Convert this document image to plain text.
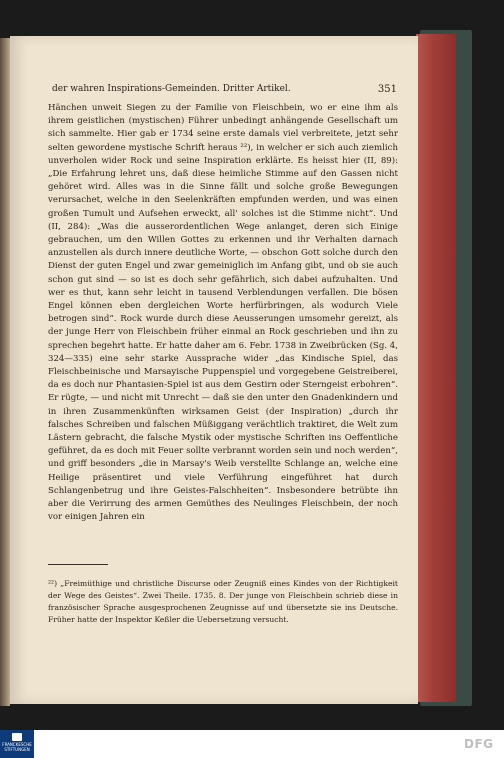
der wahren Inspirations-Gemeinden. Dritter Artikel.	351

Hänchen unweit Siegen zu der Familie von Fleischbein, wo er eine ihm als ihrem geistlichen (mystischen) Führer unbedingt anhängende Gesellschaft um sich sammelte. Hier gab er 1734 seine erste damals viel verbreitete, jetzt sehr selten gewordene mystische Schrift heraus ²²), in welcher er sich auch ziemlich unverholen wider Rock und seine Inspiration erklärte. Es heisst hier (II, 89): „Die Erfahrung lehret uns, daß diese heimliche Stimme auf den Gassen nicht gehöret wird. Alles was in die Sinne fällt und solche große Bewegungen verursachet, welche in den Seelenkräften empfunden werden, und was einen großen Tumult und Aufsehen erweckt, all' solches ist die Stimme nicht“. Und (II, 284): „Was die ausserordentlichen Wege anlanget, deren sich Einige gebrauchen, um den Willen Gottes zu erkennen und ihr Verhalten darnach anzustellen als durch innere deutliche Worte, — obschon Gott solche durch den Dienst der guten Engel und zwar gemeiniglich im Anfang gibt, und ob sie auch schon gut sind — so ist es doch sehr gefährlich, sich dabei aufzuhalten. Und wer es thut, kann sehr leicht in tausend Verblendungen verfallen. Die bösen Engel können eben dergleichen Worte herfürbringen, als wodurch Viele betrogen sind“. Rock wurde durch diese Aeusserungen umsomehr gereizt, als der junge Herr von Fleischbein früher einmal an Rock geschrieben und ihn zu sprechen begehrt hatte. Er hatte daher am 6. Febr. 1738 in Zweibrücken (Sg. 4, 324—335) eine sehr starke Aussprache wider „das Kindische Spiel, das Fleischbeinische und Marsayische Puppenspiel und vorgegebene Geistreiberei, da es doch nur Phantasien-Spiel ist aus dem Gestirn oder Sterngeist erbohren“. Er rügte, — und nicht mit Unrecht — daß sie den unter den Gnadenkindern und in ihren Zusammenkünften wirksamen Geist (der Inspiration) „durch ihr falsches Schreiben und falschen Müßiggang verächtlich traktiret, die Welt zum Lästern gebracht, die falsche Mystik oder mystische Schriften ins Oeffentliche geführet, da es doch mit Feuer sollte verbrannt worden sein und noch werden“, und griff besonders „die in Marsay's Weib verstellte Schlange an, welche eine Heilige präsentiret und viele Verführung eingeführet hat durch Schlangenbetrug und ihre Geistes-Falschheiten“. Insbesondere betrübte ihn aber die Verirrung des armen Gemüthes des Neulinges Fleischbein, der noch vor einigen Jahren ein

²²) „Freimüthige und christliche Discurse oder Zeugniß eines Kindes von der Richtigkeit der Wege des Geistes“. Zwei Theile. 1735. 8. Der junge von Fleischbein schrieb diese in französischer Sprache ausgesprochenen Zeugnisse auf und übersetzte sie ins Deutsche. Früher hatte der Inspektor Keßler die Uebersetzung versucht.

FRANCKESCHE STIFTUNGEN	DFG
